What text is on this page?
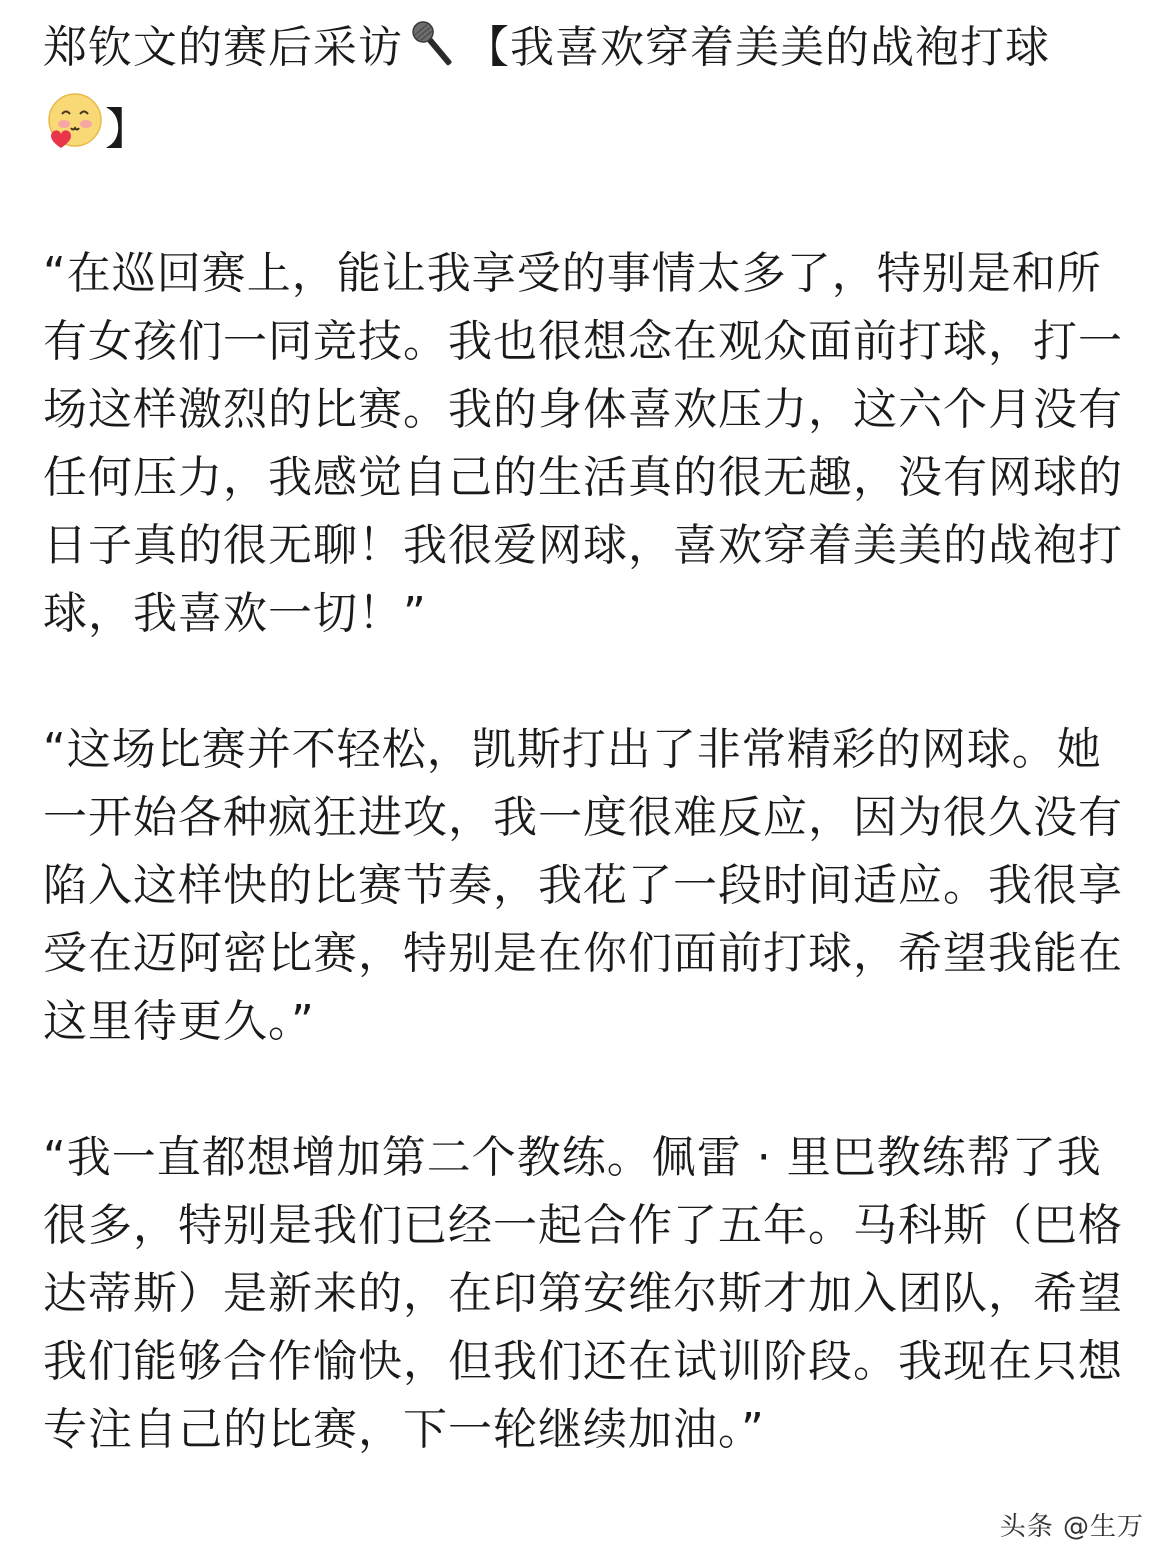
郑钦文的赛后采访 【我喜欢穿着美美的战袍打球
】

“在巡回赛上，能让我享受的事情太多了，特别是和所有女孩们一同竞技。我也很想念在观众面前打球，打一场这样激烈的比赛。我的身体喜欢压力，这六个月没有任何压力，我感觉自己的生活真的很无趣，没有网球的日子真的很无聊！我很爱网球，喜欢穿着美美的战袍打球，我喜欢一切！”

“这场比赛并不轻松，凯斯打出了非常精彩的网球。她一开始各种疯狂进攻，我一度很难反应，因为很久没有陷入这样快的比赛节奏，我花了一段时间适应。我很享受在迈阿密比赛，特别是在你们面前打球，希望我能在这里待更久。”

“我一直都想增加第二个教练。佩雷 · 里巴教练帮了我很多，特别是我们已经一起合作了五年。马科斯（巴格达蒂斯）是新来的，在印第安维尔斯才加入团队，希望我们能够合作愉快，但我们还在试训阶段。我现在只想专注自己的比赛，下一轮继续加油。”

头条 @生万
